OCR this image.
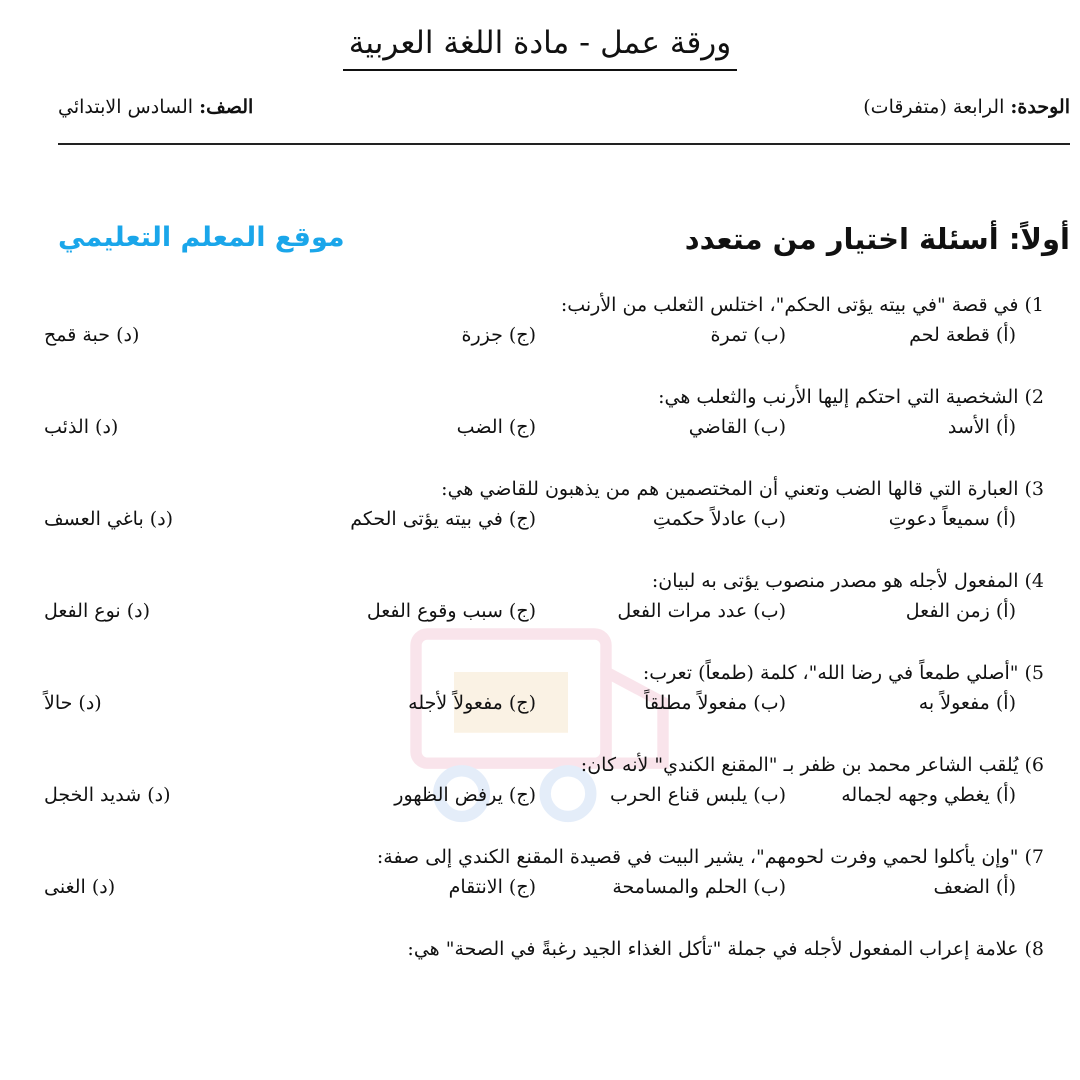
ورقة عمل - مادة اللغة العربية
الوحدة: الرابعة (متفرقات)
الصف: السادس الابتدائي
أولاً: أسئلة اختيار من متعدد
موقع المعلم التعليمي
1)في قصة "في بيته يؤتى الحكم"، اختلس الثعلب من الأرنب:
(أ) قطعة لحم
(ب) تمرة
(ج) جزرة
(د) حبة قمح
2)الشخصية التي احتكم إليها الأرنب والثعلب هي:
(أ) الأسد
(ب) القاضي
(ج) الضب
(د) الذئب
3)العبارة التي قالها الضب وتعني أن المختصمين هم من يذهبون للقاضي هي:
(أ) سميعاً دعوتِ
(ب) عادلاً حكمتِ
(ج) في بيته يؤتى الحكم
(د) باغي العسف
4)المفعول لأجله هو مصدر منصوب يؤتى به لبيان:
(أ) زمن الفعل
(ب) عدد مرات الفعل
(ج) سبب وقوع الفعل
(د) نوع الفعل
5)"أصلي طمعاً في رضا الله"، كلمة (طمعاً) تعرب:
(أ) مفعولاً به
(ب) مفعولاً مطلقاً
(ج) مفعولاً لأجله
(د) حالاً
6)يُلقب الشاعر محمد بن ظفر بـ "المقنع الكندي" لأنه كان:
(أ) يغطي وجهه لجماله
(ب) يلبس قناع الحرب
(ج) يرفض الظهور
(د) شديد الخجل
7)"وإن يأكلوا لحمي وفرت لحومهم"، يشير البيت في قصيدة المقنع الكندي إلى صفة:
(أ) الضعف
(ب) الحلم والمسامحة
(ج) الانتقام
(د) الغنى
8)علامة إعراب المفعول لأجله في جملة "تأكل الغذاء الجيد رغبةً في الصحة" هي:
